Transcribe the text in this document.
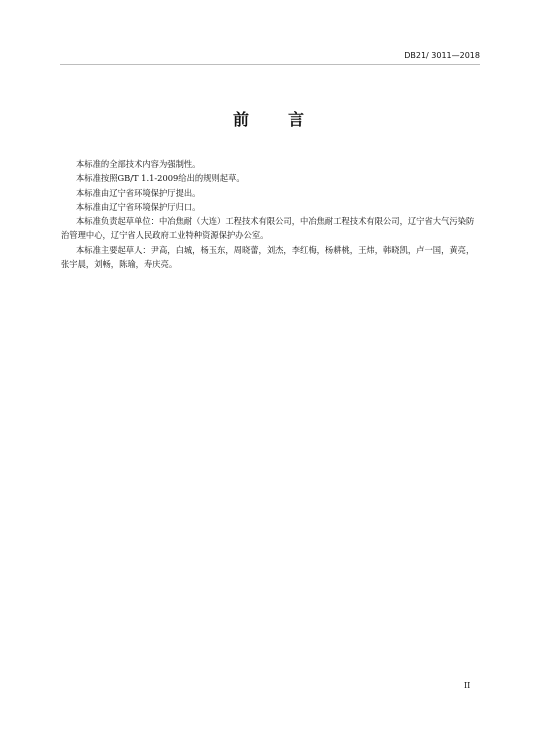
DB21/ 3011—2018
前 言

本标准的全部技术内容为强制性。

本标准按照GB/T 1.1-2009给出的规则起草。

本标准由辽宁省环境保护厅提出。

本标准由辽宁省环境保护厅归口。

本标准负责起草单位：中冶焦耐（大连）工程技术有限公司，中冶焦耐工程技术有限公司，辽宁省大气污染防治管理中心，辽宁省人民政府工业特种资源保护办公室。

本标准主要起草人：尹高，白城，杨玉东，周晓蕾，刘杰，李红梅，杨耕桃，王炜，韩晓凯，卢一国，黄亮，张宇晨，刘畅，陈瑜，寿庆亮。

II
